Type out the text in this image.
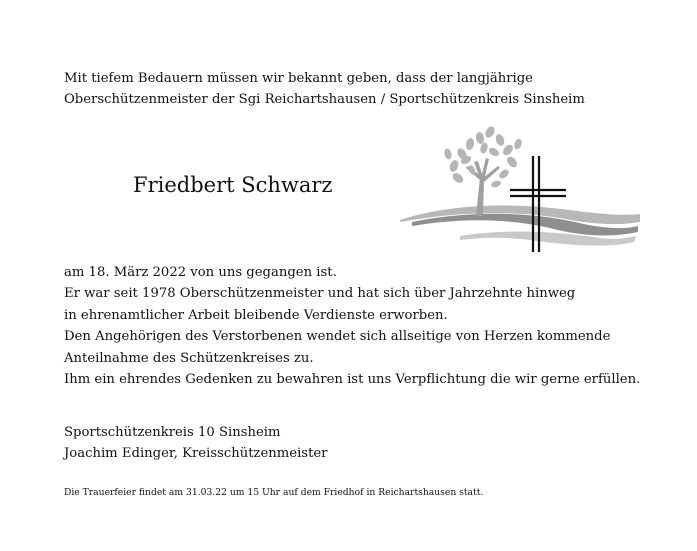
Mit tiefem Bedauern müssen wir bekannt geben, dass der langjährige
Oberschützenmeister der Sgi Reichartshausen / Sportschützenkreis Sinsheim
Friedbert Schwarz
am 18. März 2022 von uns gegangen ist.
Er war seit 1978 Oberschützenmeister und hat sich über Jahrzehnte hinweg
in ehrenamtlicher Arbeit bleibende Verdienste erworben.
Den Angehörigen des Verstorbenen wendet sich allseitige von Herzen kommende
Anteilnahme des Schützenkreises zu.
Ihm ein ehrendes Gedenken zu bewahren ist uns Verpflichtung die wir gerne erfüllen.
Sportschützenkreis 10 Sinsheim
Joachim Edinger, Kreisschützenmeister
Die Trauerfeier findet am 31.03.22 um 15 Uhr auf dem Friedhof in Reichartshausen statt.
